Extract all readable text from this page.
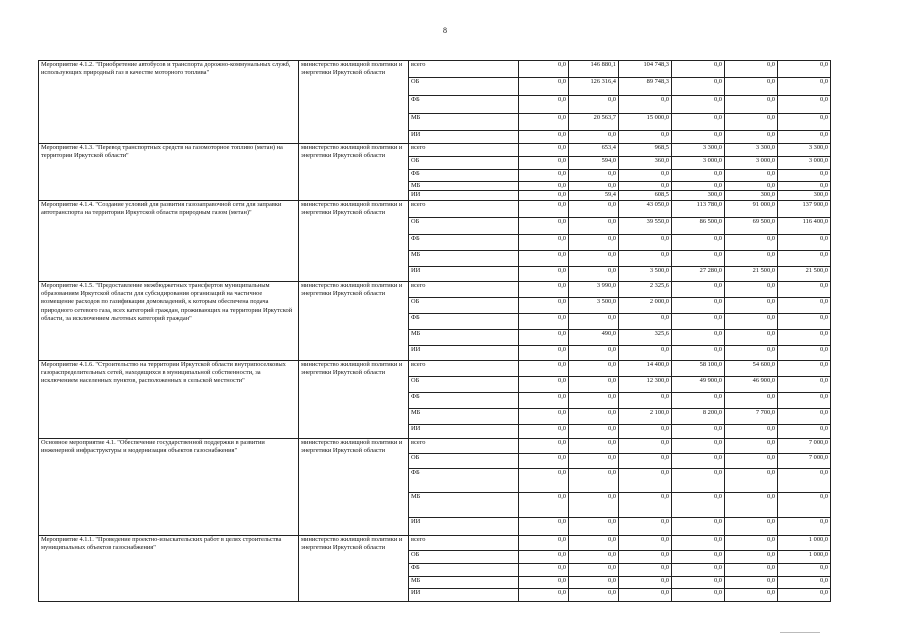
8
Мероприятие 4.1.2. "Приобретение автобусов и транспорта дорожно-коммунальных служб, использующих природный газ в качестве моторного топлива"	министерство жилищной политики и энергетики Иркутской области	всего	0,0	146 880,1	104 748,3	0,0	0,0	0,0
		ОБ	0,0	126 316,4	89 748,3	0,0	0,0	0,0
		ФБ	0,0	0,0	0,0	0,0	0,0	0,0
		МБ	0,0	20 563,7	15 000,0	0,0	0,0	0,0
		ИИ	0,0	0,0	0,0	0,0	0,0	0,0
Мероприятие 4.1.3. "Перевод транспортных средств на газомоторное топливо (метан) на территории Иркутской области"	министерство жилищной политики и энергетики Иркутской области	всего	0,0	653,4	968,5	3 300,0	3 300,0	3 300,0
		ОБ	0,0	594,0	360,0	3 000,0	3 000,0	3 000,0
		ФБ	0,0	0,0	0,0	0,0	0,0	0,0
		МБ	0,0	0,0	0,0	0,0	0,0	0,0
		ИИ	0,0	59,4	608,5	300,0	300,0	300,0
Мероприятие 4.1.4. "Создание условий для развития газозаправочной сети для заправки автотранспорта на территории Иркутской области природным газом (метан)"	министерство жилищной политики и энергетики Иркутской области	всего	0,0	0,0	43 050,0	113 780,0	91 000,0	137 900,0
		ОБ	0,0	0,0	39 550,0	86 500,0	69 500,0	116 400,0
		ФБ	0,0	0,0	0,0	0,0	0,0	0,0
		МБ	0,0	0,0	0,0	0,0	0,0	0,0
		ИИ	0,0	0,0	3 500,0	27 280,0	21 500,0	21 500,0
Мероприятие 4.1.5. "Предоставление межбюджетных трансфертов муниципальным образованиям Иркутской области для субсидирования организаций на частичное возмещение расходов по газификации домовладений, к которым обеспечена подача природного сетевого газа, всех категорий граждан, проживающих на территории Иркутской области, за исключением льготных категорий граждан"	министерство жилищной политики и энергетики Иркутской области	всего	0,0	3 990,0	2 325,6	0,0	0,0	0,0
		ОБ	0,0	3 500,0	2 000,0	0,0	0,0	0,0
		ФБ	0,0	0,0	0,0	0,0	0,0	0,0
		МБ	0,0	490,0	325,6	0,0	0,0	0,0
		ИИ	0,0	0,0	0,0	0,0	0,0	0,0
Мероприятие 4.1.6. "Строительство на территории Иркутской области внутрипоселковых газораспределительных сетей, находящихся в муниципальной собственности, за исключением населенных пунктов, расположенных в сельской местности"	министерство жилищной политики и энергетики Иркутской области	всего	0,0	0,0	14 400,0	58 100,0	54 600,0	0,0
		ОБ	0,0	0,0	12 300,0	49 900,0	46 900,0	0,0
		ФБ	0,0	0,0	0,0	0,0	0,0	0,0
		МБ	0,0	0,0	2 100,0	8 200,0	7 700,0	0,0
		ИИ	0,0	0,0	0,0	0,0	0,0	0,0
Основное мероприятие 4.1. "Обеспечение государственной поддержки в развитии инженерной инфраструктуры и модернизация объектов газоснабжения"	министерство жилищной политики и энергетики Иркутской области	всего	0,0	0,0	0,0	0,0	0,0	7 000,0
		ОБ	0,0	0,0	0,0	0,0	0,0	7 000,0
		ФБ	0,0	0,0	0,0	0,0	0,0	0,0
		МБ	0,0	0,0	0,0	0,0	0,0	0,0
		ИИ	0,0	0,0	0,0	0,0	0,0	0,0
Мероприятие 4.1.1. "Проведение проектно-изыскательских работ в целях строительства муниципальных объектов газоснабжения"	министерство жилищной политики и энергетики Иркутской области	всего	0,0	0,0	0,0	0,0	0,0	1 000,0
		ОБ	0,0	0,0	0,0	0,0	0,0	1 000,0
		ФБ	0,0	0,0	0,0	0,0	0,0	0,0
		МБ	0,0	0,0	0,0	0,0	0,0	0,0
		ИИ	0,0	0,0	0,0	0,0	0,0	0,0
